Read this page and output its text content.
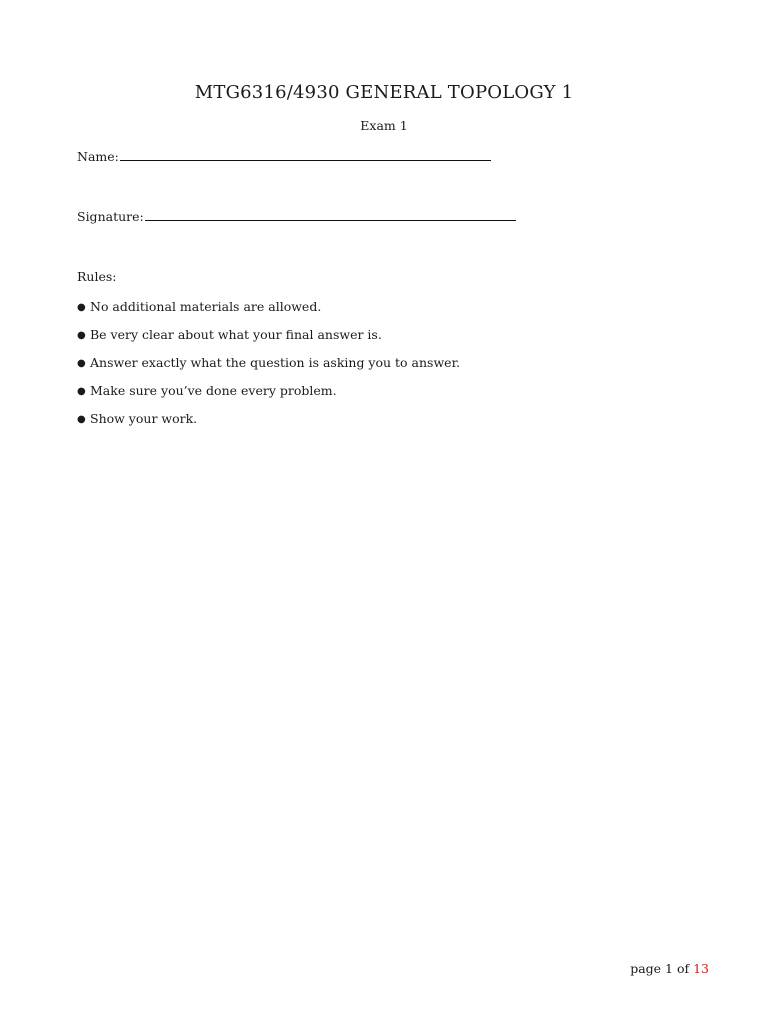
MTG6316/4930 GENERAL TOPOLOGY 1
Exam 1
Name:
Signature:
Rules:
● No additional materials are allowed.
● Be very clear about what your final answer is.
● Answer exactly what the question is asking you to answer.
● Make sure you’ve done every problem.
● Show your work.
page 1 of 13
